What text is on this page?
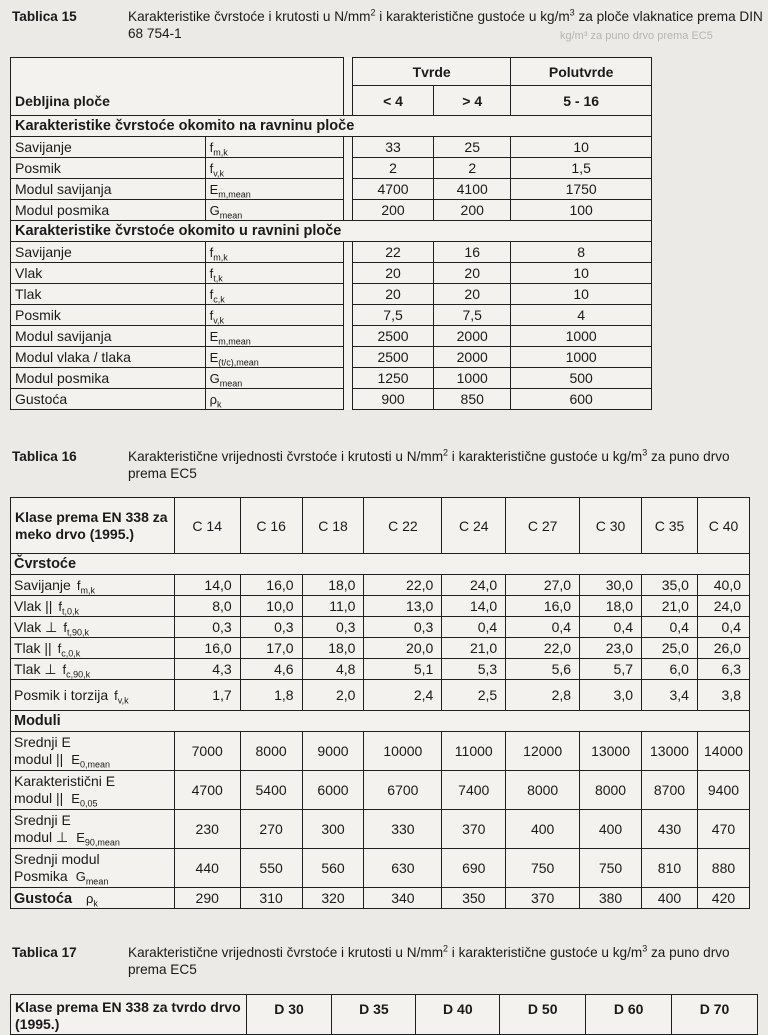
kg/m³ za puno drvo prema EC5
Tablica 15	Karakteristike čvrstoće i krutosti u $N/mm^2$ i karakteristične gustoće u $kg/m^3$ za ploče vlaknatice prema DIN 68 754-1
Debljina ploče			Tvrde		Polutvrde
			< 4	> 4	5 - 16
Karakteristike čvrstoće okomito na ravninu ploče					
Savijanje	$f_{m,k}$		33	25	10
Posmik	$f_{v,k}$		2	2	1,5
Modul savijanja	$E_{m,mean}$		4700	4100	1750
Modul posmika	$G_{mean}$		200	200	100
Karakteristike čvrstoće okomito u ravnini ploče					
Savijanje	$f_{m,k}$		22	16	8
Vlak	$f_{t,k}$		20	20	10
Tlak	$f_{c,k}$		20	20	10
Posmik	$f_{v,k}$		7,5	7,5	4
Modul savijanja	$E_{m,mean}$		2500	2000	1000
Modul vlaka / tlaka	$E_{(t/c),mean}$		2500	2000	1000
Modul posmika	$G_{mean}$		1250	1000	500
Gustoća	$\rho_k$		900	850	600
Tablica 16	Karakteristične vrijednosti čvrstoće i krutosti u $N/mm^2$ i karakteristične gustoće u $kg/m^3$ za puno drvo prema EC5
Klase prema EN 338 za meko drvo (1995.)	C 14	C 16	C 18	C 22	C 24	C 27	C 30	C 35	C 40
Čvrstoće									
Savijanje $f_{m,k}$	14,0	16,0	18,0	22,0	24,0	27,0	30,0	35,0	40,0
Vlak || $f_{t,0,k}$	8,0	10,0	11,0	13,0	14,0	16,0	18,0	21,0	24,0
Vlak ⊥ $f_{t,90,k}$	0,3	0,3	0,3	0,3	0,4	0,4	0,4	0,4	0,4
Tlak || $f_{c,0,k}$	16,0	17,0	18,0	20,0	21,0	22,0	23,0	25,0	26,0
Tlak ⊥ $f_{c,90,k}$	4,3	4,6	4,8	5,1	5,3	5,6	5,7	6,0	6,3
Posmik i torzija $f_{v,k}$	1,7	1,8	2,0	2,4	2,5	2,8	3,0	3,4	3,8
Moduli									

Srednji E
modul || $E_{0,mean}$	7000	8000	9000	10000	11000	12000	13000	13000	14000

Karakteristični E
modul || $E_{0,05}$	4700	5400	6000	6700	7400	8000	8000	8700	9400

Srednji E
modul ⊥ $E_{90,mean}$	230	270	300	330	370	400	400	430	470

Srednji modul
Posmika $G_{mean}$	440	550	560	630	690	750	750	810	880
Gustoća $\rho_k$	290	310	320	340	350	370	380	400	420
Tablica 17	Karakteristične vrijednosti čvrstoće i krutosti u $N/mm^2$ i karakteristične gustoće u $kg/m^3$ za puno drvo prema EC5
Klase prema EN 338 za tvrdo drvo (1995.)	D 30	D 35	D 40	D 50	D 60	D 70
